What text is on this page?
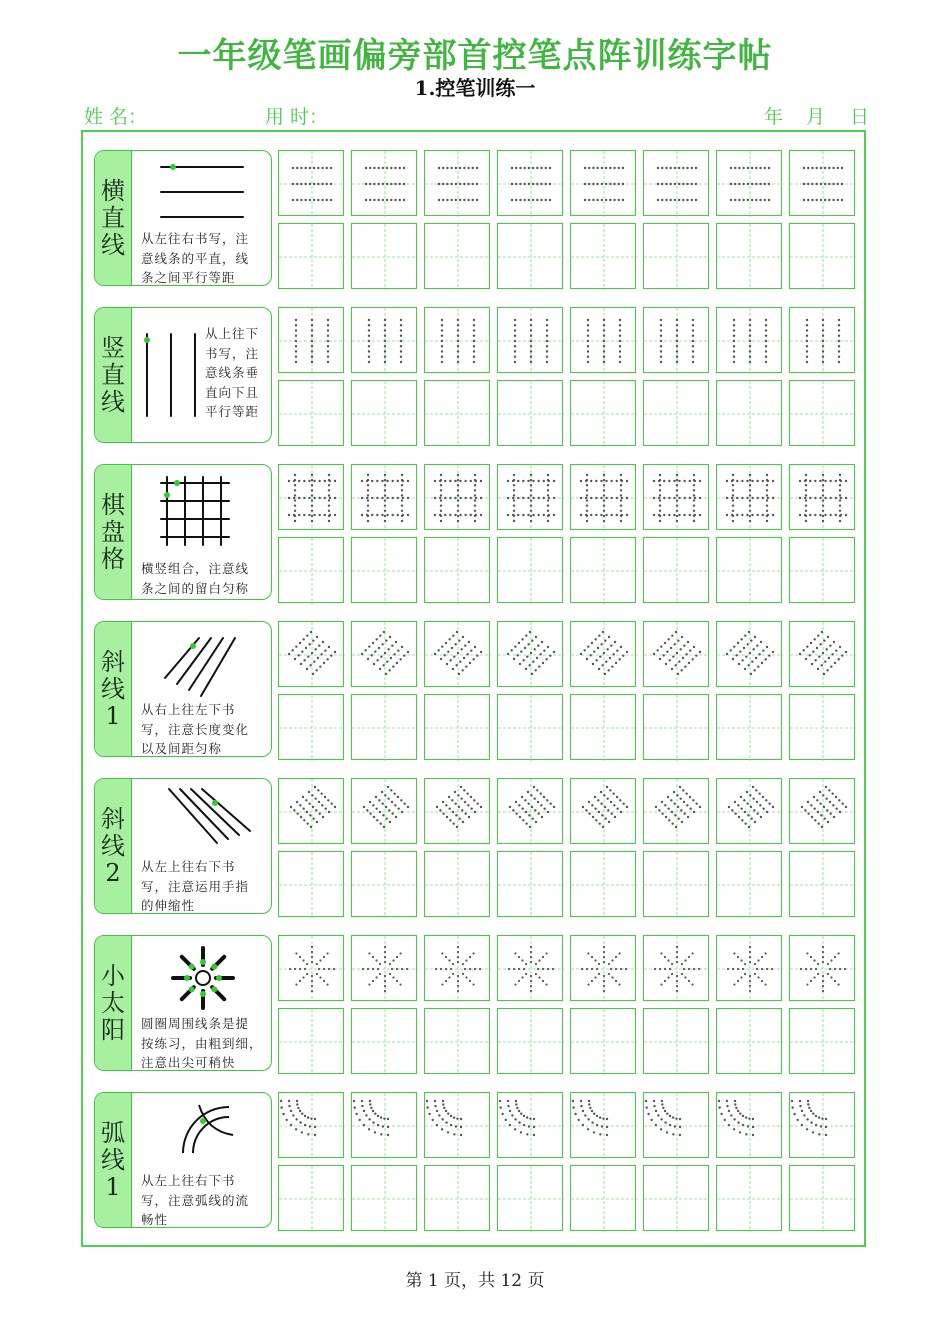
一年级笔画偏旁部首控笔点阵训练字帖
1.控笔训练一
姓 名：	用 时：	年 月 日
横
直
线 从左往右书写，注
意线条的平直，线
条之间平行等距
竖
直
线
从上往下
书写，注
意线条垂
直向下且
平行等距
棋
盘
格 横竖组合，注意线
条之间的留白匀称
斜
线
1 从右上往左下书
写，注意长度变化
以及间距匀称
斜
线
2 从左上往右下书
写，注意运用手指
的伸缩性
小
太
阳 圆圈周围线条是提
按练习，由粗到细，
注意出尖可稍快
弧
线
1 从左上往右下书
写，注意弧线的流
畅性
第 1 页，共 12 页
